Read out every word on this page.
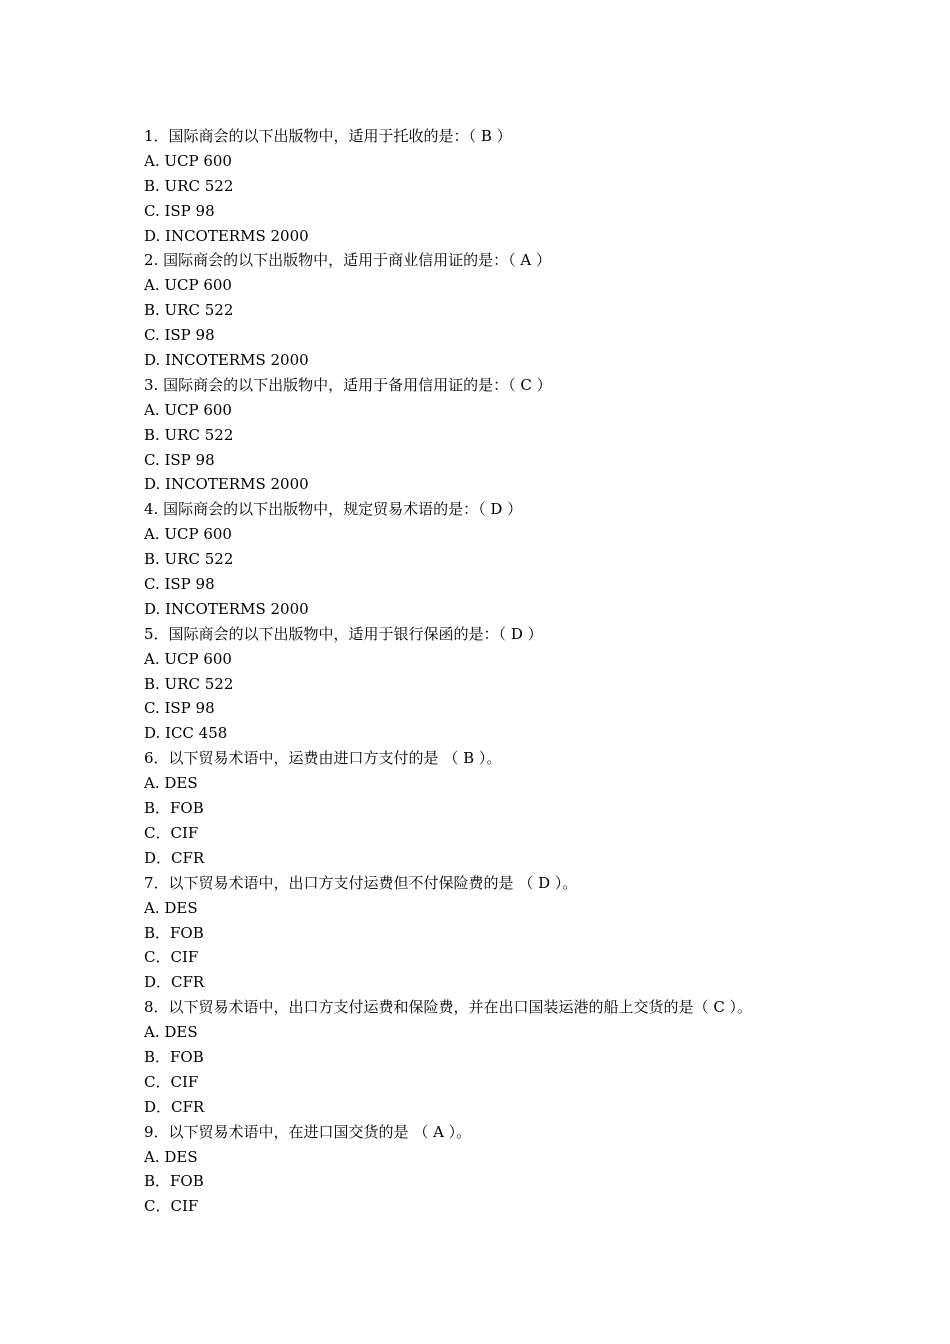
1．国际商会的以下出版物中，适用于托收的是：（ B ）
A. UCP 600
B. URC 522
C. ISP 98
D. INCOTERMS 2000
2. 国际商会的以下出版物中，适用于商业信用证的是：（ A ）
A. UCP 600
B. URC 522
C. ISP 98
D. INCOTERMS 2000
3. 国际商会的以下出版物中，适用于备用信用证的是：（ C ）
A. UCP 600
B. URC 522
C. ISP 98
D. INCOTERMS 2000
4. 国际商会的以下出版物中，规定贸易术语的是：（ D ）
A. UCP 600
B. URC 522
C. ISP 98
D. INCOTERMS 2000
5．国际商会的以下出版物中，适用于银行保函的是：（ D ）
A. UCP 600
B. URC 522
C. ISP 98
D. ICC 458
6．以下贸易术语中，运费由进口方支付的是 （ B ）。
A. DES
B．FOB
C．CIF
D．CFR
7．以下贸易术语中，出口方支付运费但不付保险费的是 （ D ）。
A. DES
B．FOB
C．CIF
D．CFR
8．以下贸易术语中，出口方支付运费和保险费，并在出口国装运港的船上交货的是（ C ）。
A. DES
B．FOB
C．CIF
D．CFR
9．以下贸易术语中，在进口国交货的是 （ A ）。
A. DES
B．FOB
C．CIF
